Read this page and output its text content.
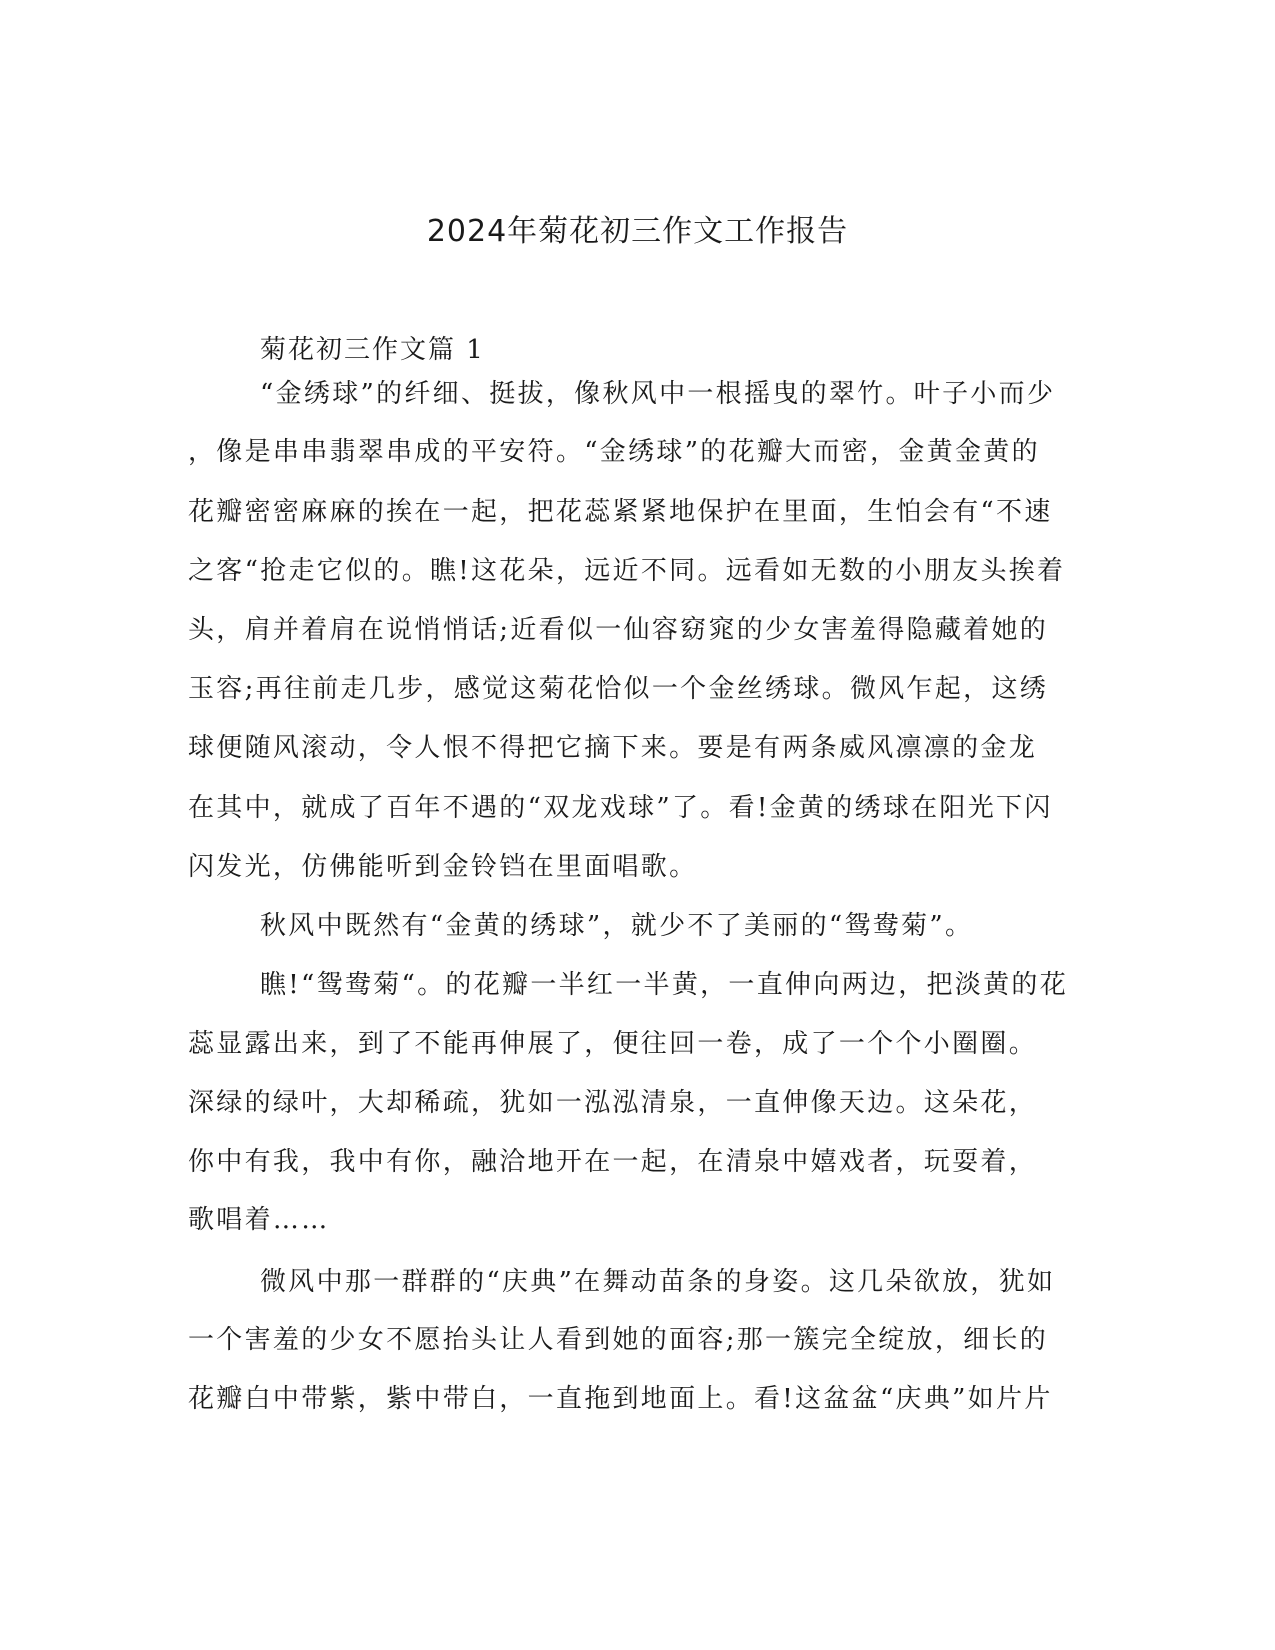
2024年菊花初三作文工作报告
菊花初三作文篇 1
“金绣球”的纤细、挺拔，像秋风中一根摇曳的翠竹。叶子小而少
，像是串串翡翠串成的平安符。“金绣球”的花瓣大而密，金黄金黄的
花瓣密密麻麻的挨在一起，把花蕊紧紧地保护在里面，生怕会有“不速
之客“抢走它似的。瞧!这花朵，远近不同。远看如无数的小朋友头挨着
头，肩并着肩在说悄悄话;近看似一仙容窈窕的少女害羞得隐藏着她的
玉容;再往前走几步，感觉这菊花恰似一个金丝绣球。微风乍起，这绣
球便随风滚动，令人恨不得把它摘下来。要是有两条威风凛凛的金龙
在其中，就成了百年不遇的“双龙戏球”了。看!金黄的绣球在阳光下闪
闪发光，仿佛能听到金铃铛在里面唱歌。
秋风中既然有“金黄的绣球”，就少不了美丽的“鸳鸯菊”。
瞧!“鸳鸯菊“。的花瓣一半红一半黄，一直伸向两边，把淡黄的花
蕊显露出来，到了不能再伸展了，便往回一卷，成了一个个小圈圈。
深绿的绿叶，大却稀疏，犹如一泓泓清泉，一直伸像天边。这朵花，
你中有我，我中有你，融洽地开在一起，在清泉中嬉戏者，玩耍着，
歌唱着……
微风中那一群群的“庆典”在舞动苗条的身姿。这几朵欲放，犹如
一个害羞的少女不愿抬头让人看到她的面容;那一簇完全绽放，细长的
花瓣白中带紫，紫中带白，一直拖到地面上。看!这盆盆“庆典”如片片
